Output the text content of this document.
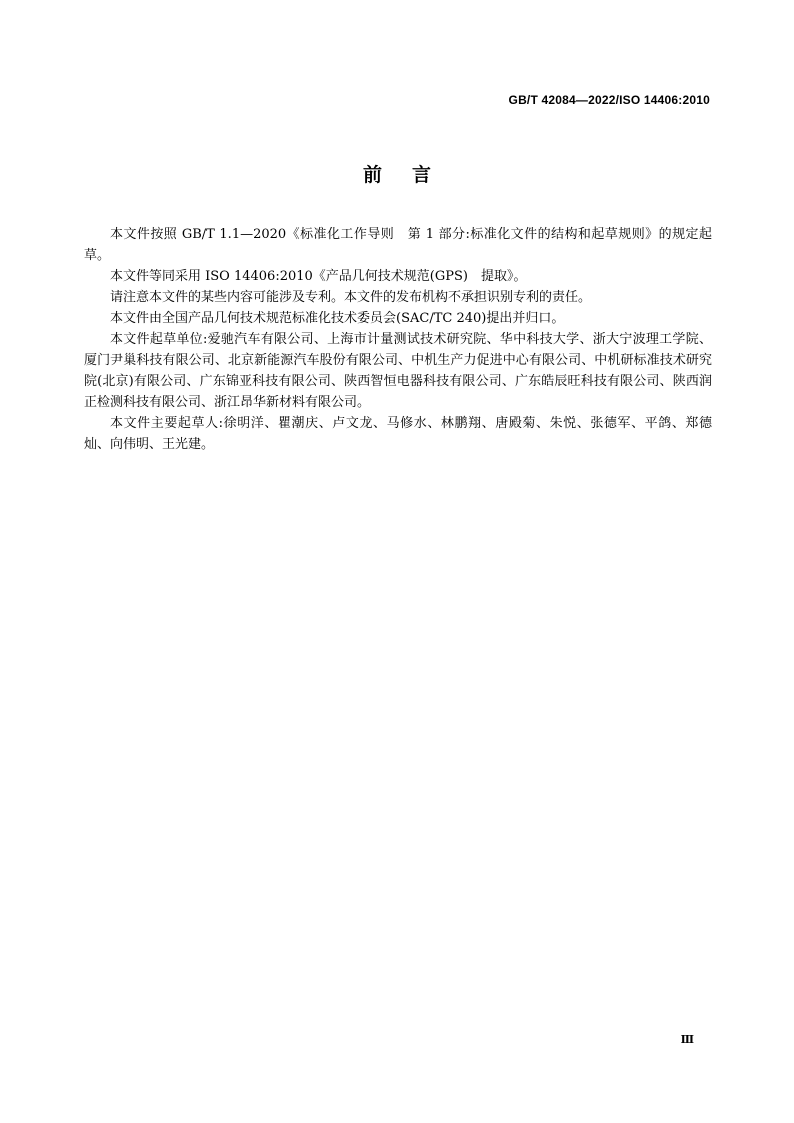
GB/T 42084—2022/ISO 14406:2010
前言

本文件按照 GB/T 1.1—2020《标准化工作导则　第 1 部分:标准化文件的结构和起草规则》的规定起草。

本文件等同采用 ISO 14406:2010《产品几何技术规范(GPS)　提取》。

请注意本文件的某些内容可能涉及专利。本文件的发布机构不承担识别专利的责任。

本文件由全国产品几何技术规范标准化技术委员会(SAC/TC 240)提出并归口。

本文件起草单位:爱驰汽车有限公司、上海市计量测试技术研究院、华中科技大学、浙大宁波理工学院、厦门尹巢科技有限公司、北京新能源汽车股份有限公司、中机生产力促进中心有限公司、中机研标准技术研究院(北京)有限公司、广东锦亚科技有限公司、陕西智恒电器科技有限公司、广东皓辰旺科技有限公司、陕西润正检测科技有限公司、浙江昂华新材料有限公司。

本文件主要起草人:徐明洋、瞿潮庆、卢文龙、马修水、林鹏翔、唐殿菊、朱悦、张德军、平鸽、郑德灿、向伟明、王光建。

Ⅲ
